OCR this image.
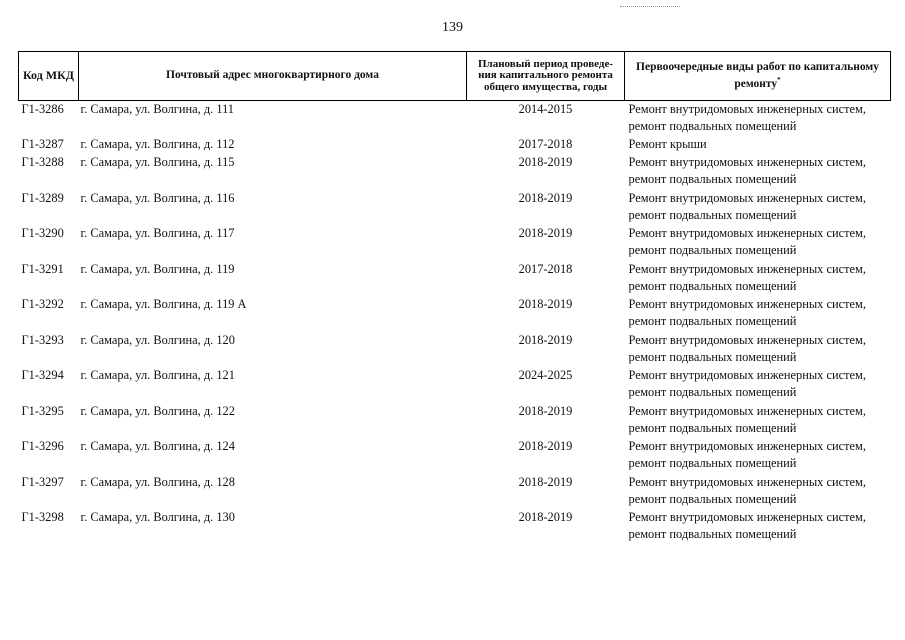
139
Код МКД	Почтовый адрес многоквартирного дома	Плановый период проведе-ния капитального ремонта общего имущества, годы	Первоочередные виды работ по капитальному ремонту*
Г1-3286	г. Самара, ул. Волгина, д. 111	2014-2015	Ремонт внутридомовых инженерных систем, ремонт подвальных помещений
Г1-3287	г. Самара, ул. Волгина, д. 112	2017-2018	Ремонт крыши
Г1-3288	г. Самара, ул. Волгина, д. 115	2018-2019	Ремонт внутридомовых инженерных систем, ремонт подвальных помещений
Г1-3289	г. Самара, ул. Волгина, д. 116	2018-2019	Ремонт внутридомовых инженерных систем, ремонт подвальных помещений
Г1-3290	г. Самара, ул. Волгина, д. 117	2018-2019	Ремонт внутридомовых инженерных систем, ремонт подвальных помещений
Г1-3291	г. Самара, ул. Волгина, д. 119	2017-2018	Ремонт внутридомовых инженерных систем, ремонт подвальных помещений
Г1-3292	г. Самара, ул. Волгина, д. 119 А	2018-2019	Ремонт внутридомовых инженерных систем, ремонт подвальных помещений
Г1-3293	г. Самара, ул. Волгина, д. 120	2018-2019	Ремонт внутридомовых инженерных систем, ремонт подвальных помещений
Г1-3294	г. Самара, ул. Волгина, д. 121	2024-2025	Ремонт внутридомовых инженерных систем, ремонт подвальных помещений
Г1-3295	г. Самара, ул. Волгина, д. 122	2018-2019	Ремонт внутридомовых инженерных систем, ремонт подвальных помещений
Г1-3296	г. Самара, ул. Волгина, д. 124	2018-2019	Ремонт внутридомовых инженерных систем, ремонт подвальных помещений
Г1-3297	г. Самара, ул. Волгина, д. 128	2018-2019	Ремонт внутридомовых инженерных систем, ремонт подвальных помещений
Г1-3298	г. Самара, ул. Волгина, д. 130	2018-2019	Ремонт внутридомовых инженерных систем, ремонт подвальных помещений
